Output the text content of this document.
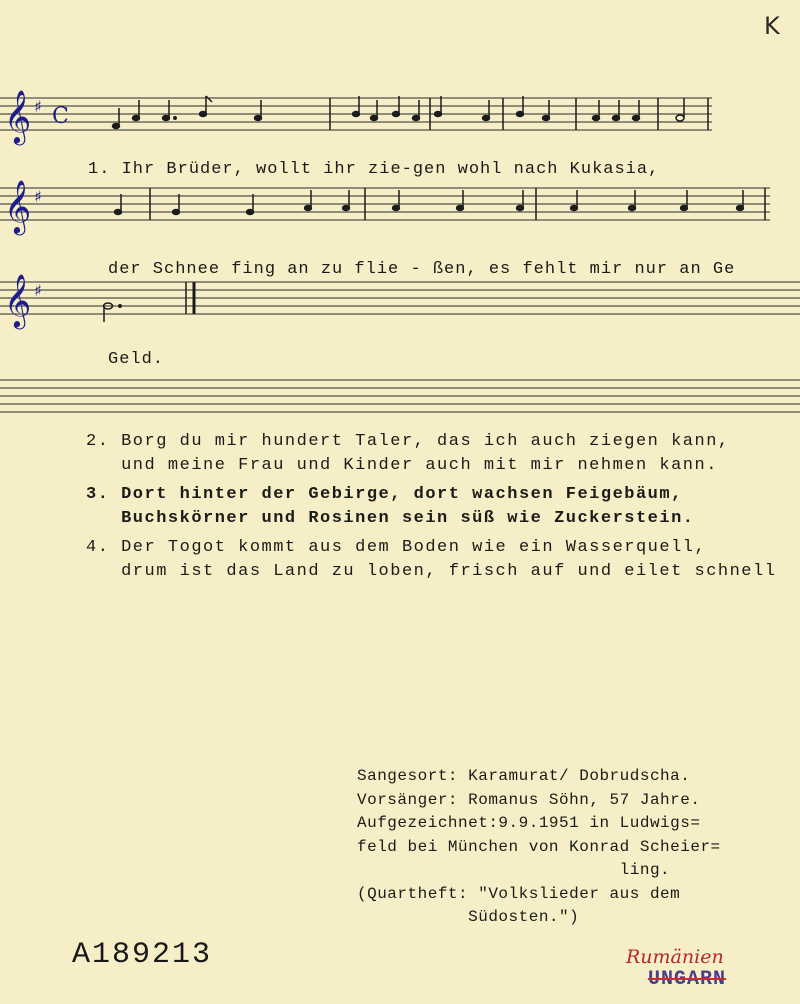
K
𝄞 ♯ C
1. Ihr Brüder, wollt ihr zie-gen wohl nach Kukasia,
𝄞 ♯
der Schnee fing an zu flie - ßen, es fehlt mir nur an Ge
𝄞 ♯
Geld.
2. Borg du mir hundert Taler, das ich auch ziegen kann,
und meine Frau und Kinder auch mit mir nehmen kann.
3. Dort hinter der Gebirge, dort wachsen Feigebäum,
Buchskörner und Rosinen sein süß wie Zuckerstein.
4. Der Togot kommt aus dem Boden wie ein Wasserquell,
drum ist das Land zu loben, frisch auf und eilet schnell
Sangesort: Karamurat/ Dobrudscha.
Vorsänger: Romanus Söhn, 57 Jahre.
Aufgezeichnet:9.9.1951 in Ludwigs=
feld bei München von Konrad Scheier=
ling.
(Quartheft: "Volkslieder aus dem
Südosten.")
A189213	Rumänien
UNGARN
